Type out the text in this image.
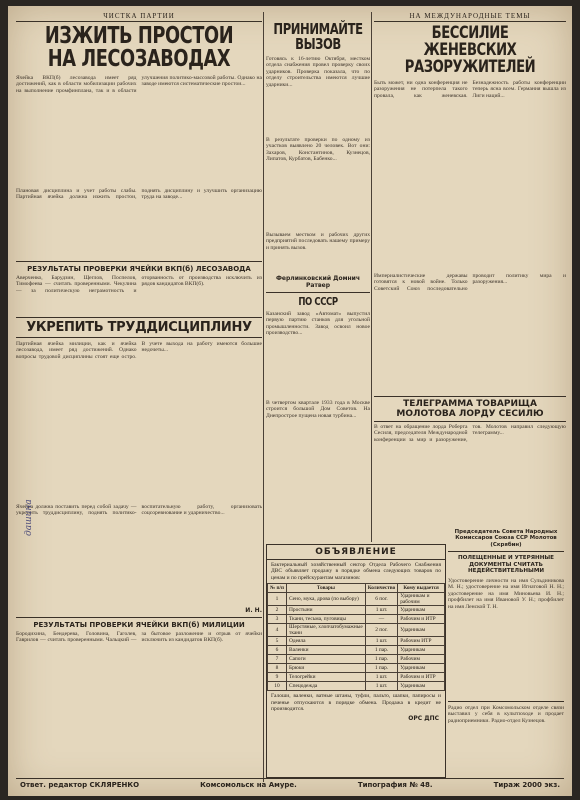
ЧИСТКА ПАРТИИ
ИЗЖИТЬ ПРОСТОИ НА ЛЕСОЗАВОДАХ
Ячейка ВКП(б) лесозавода имеет ряд достижений, как в области мобилизации рабочих на выполнение промфинплана, так и в области улучшения политико-массовой работы. Однако на заводе имеются систематические простои...
Плановая дисциплина и учет работы слабы. Партийная ячейка должна изжить простои, поднять дисциплину и улучшить организацию труда на заводе...
РЕЗУЛЬТАТЫ ПРОВЕРКИ ЯЧЕЙКИ ВКП(б) ЛЕСОЗАВОДА
Аверченко, Барудзин, Щеглов, Поспелов, Тимофеева — считать проверенными. Чекулина — за политическую неграмотность и оторванность от производства исключить из рядов кандидатов ВКП(б).
УКРЕПИТЬ ТРУДДИСЦИПЛИНУ
Партийная ячейка милиции, как и ячейка лесозавода, имеет ряд достижений. Однако вопросы трудовой дисциплины стоят еще остро. В учете выхода на работу имеются большие недочеты...
Ячейка должна поставить перед собой задачу — укрепить труддисциплину, поднять политико-воспитательную работу, организовать соцсоревнование и ударничество...
И. Н.
РЕЗУЛЬТАТЫ ПРОВЕРКИ ЯЧЕЙКИ ВКП(б) МИЛИЦИИ
Бородихина, Бендерева, Головина, Гаголев, Гаврилов — считать проверенными. Чальцкий — за бытовое разложение и отрыв от ячейки исключить из кандидатов ВКП(б).
ПРИНИМАЙТЕ ВЫЗОВ
Готовясь к 16-летию Октября, местком отдела снабжения провел проверку своих ударников. Проверка показала, что по отделу строительства имеются лучшие ударники...
В результате проверки по одному из участков выявлено 20 человек. Вот они: Захаров, Константинов, Кузнецов, Липатов, Курбатов, Бабенко...
Вызываем местком и рабочих других предприятий последовать нашему примеру и принять вызов.
Ферлинковский Домнич Ратвер
ПО СССР
Казанский завод «Автомат» выпустил первую партию станков для угольной промышленности. Завод освоил новое производство...
В четвертом квартале 1933 года в Москве строится большой Дом Советов. На Днепрострое пущена новая турбина...
НА МЕЖДУНАРОДНЫЕ ТЕМЫ
БЕССИЛИЕ ЖЕНЕВСКИХ РАЗОРУЖИТЕЛЕЙ
Быть может, ни одна конференция не разоружения не потерпела такого провала, как женевская. Безнадежность работы конференции теперь ясна всем. Германия вышла из Лиги наций...
Империалистические державы готовятся к новой войне. Только Советский Союз последовательно проводит политику мира и разоружения...
ТЕЛЕГРАММА ТОВАРИЩА МОЛОТОВА ЛОРДУ СЕСИЛЮ
В ответ на обращение лорда Роберта Сесиля, председателя Международной конференции за мир и разоружение, тов. Молотов направил следующую телеграмму...
Председатель Совета Народных Комиссаров Союза ССР Молотов (Скрябин)
ПОЛЕЩЕННЫЕ И УТЕРЯННЫЕ ДОКУМЕНТЫ СЧИТАТЬ НЕДЕЙСТВИТЕЛЬНЫМИ
Удостоверение личности на имя Сульдиникова М. Н.; удостоверение на имя Игнатовой Н. Н.; удостоверение на имя Миновьева И. Н.; профбилет на имя Ивановой У. Н.; профбилет на имя Ленской Т. Н.
Радио отдел при Комсомольском отделе связи выставил у себя в культпоходе и продает радиоприемники. Радио-отдел Кузнецов.
ОБЪЯВЛЕНИЕ
Бактериальный хозяйственный сектор Отдела Рабочего Снабжения ДВС объявляет продажу в порядке обмена следующих товаров по ценам и по прейскурантам магазинов:
№ п/п	Товары	Количество	Кому выдается
1	Сено, мука, дрова (по выбору)	6 пог.	Ударникам и рабочим
2	Простыни	1 шт.	Ударникам
3	Ткани, тесьма, пуговицы	—	Рабочим и ИТР
4	Шерстяные, хлопчатобумажные ткани	2 пог.	Ударникам
5	Одеяла	1 шт.	Рабочим ИТР
6	Валенки	1 пар.	Ударникам
7	Сапоги	1 пар.	Рабочим
8	Брюки	1 пар.	Ударникам
9	Телогрейки	1 шт.	Рабочим и ИТР
10	Спецодежда	1 шт.	Ударникам
Галоши, валенки, ватные штаны, туфли, пальто, шапки, папиросы и печенье отпускаются в порядке обмена. Продажа в кредит не производится.
ОРС ДПС
дашина
Ответ. редактор СКЛЯРЕНКО	Комсомольск на Амуре.	Типография № 48.	Тираж 2000 экз.
